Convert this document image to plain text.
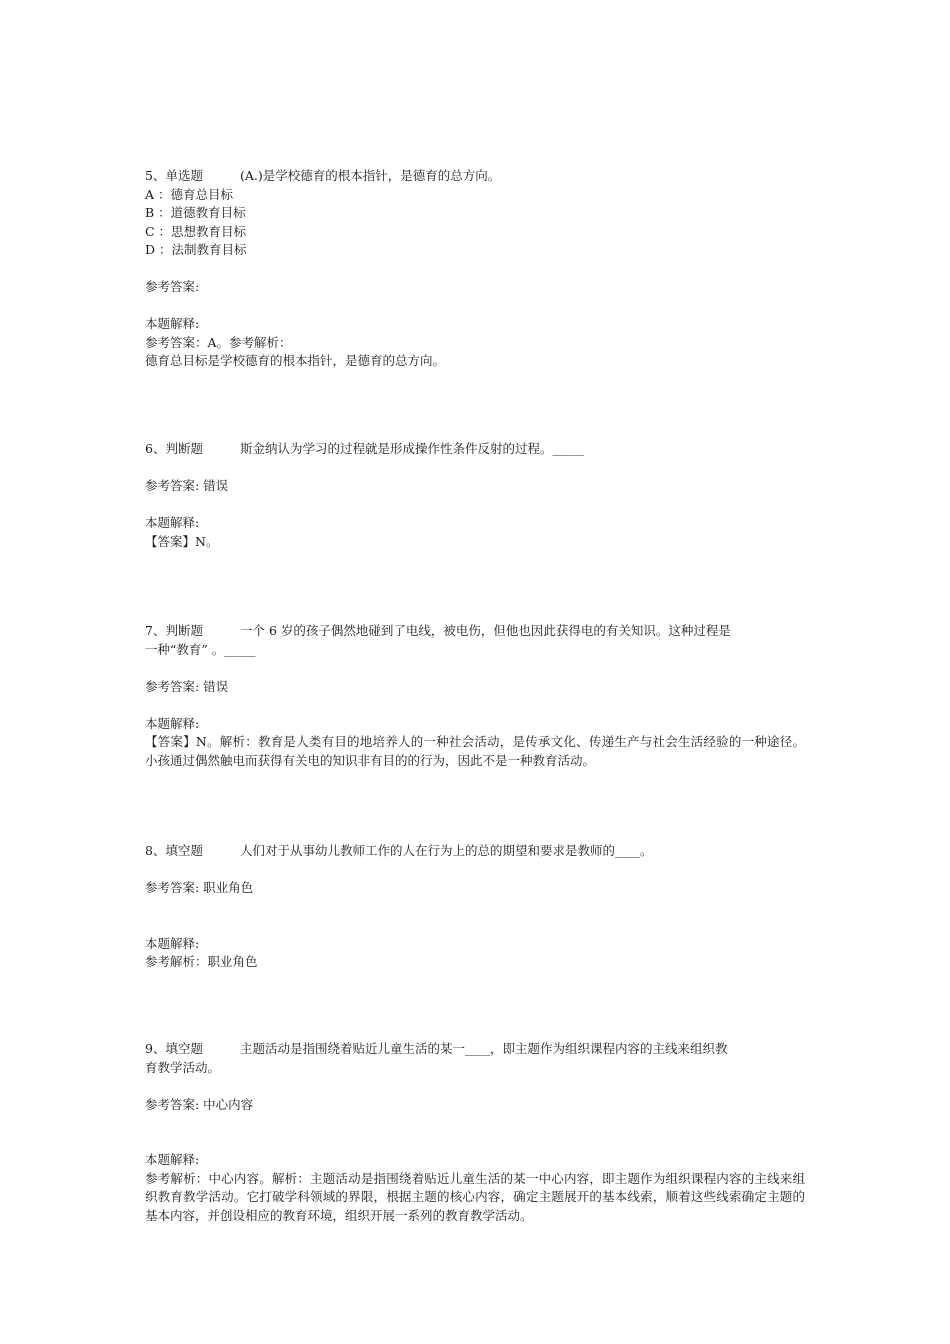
5、单选题	(A.)是学校德育的根本指针，是德育的总方向。

A ：德育总目标

B ：道德教育目标

C ：思想教育目标

D ：法制教育目标

参考答案:

本题解释:

参考答案：A。参考解析：

德育总目标是学校德育的根本指针，是德育的总方向。

6、判断题	斯金纳认为学习的过程就是形成操作性条件反射的过程。_____

参考答案: 错误

本题解释:

【答案】N。

7、判断题	一个 6 岁的孩子偶然地碰到了电线，被电伤，但他也因此获得电的有关知识。这种过程是

一种“教育” 。_____

参考答案: 错误

本题解释:

【答案】N。解析：教育是人类有目的地培养人的一种社会活动，是传承文化、传递生产与社会生活经验的一种途径。小孩通过偶然触电而获得有关电的知识非有目的的行为，因此不是一种教育活动。

8、填空题	人们对于从事幼儿教师工作的人在行为上的总的期望和要求是教师的____。

参考答案: 职业角色

本题解释:

参考解析：职业角色

9、填空题	主题活动是指围绕着贴近儿童生活的某一____，即主题作为组织课程内容的主线来组织教

育教学活动。

参考答案: 中心内容

本题解释:

参考解析：中心内容。解析：主题活动是指围绕着贴近儿童生活的某一中心内容，即主题作为组织课程内容的主线来组织教育教学活动。它打破学科领域的界限，根据主题的核心内容，确定主题展开的基本线索，顺着这些线索确定主题的基本内容，并创设相应的教育环境，组织开展一系列的教育教学活动。
